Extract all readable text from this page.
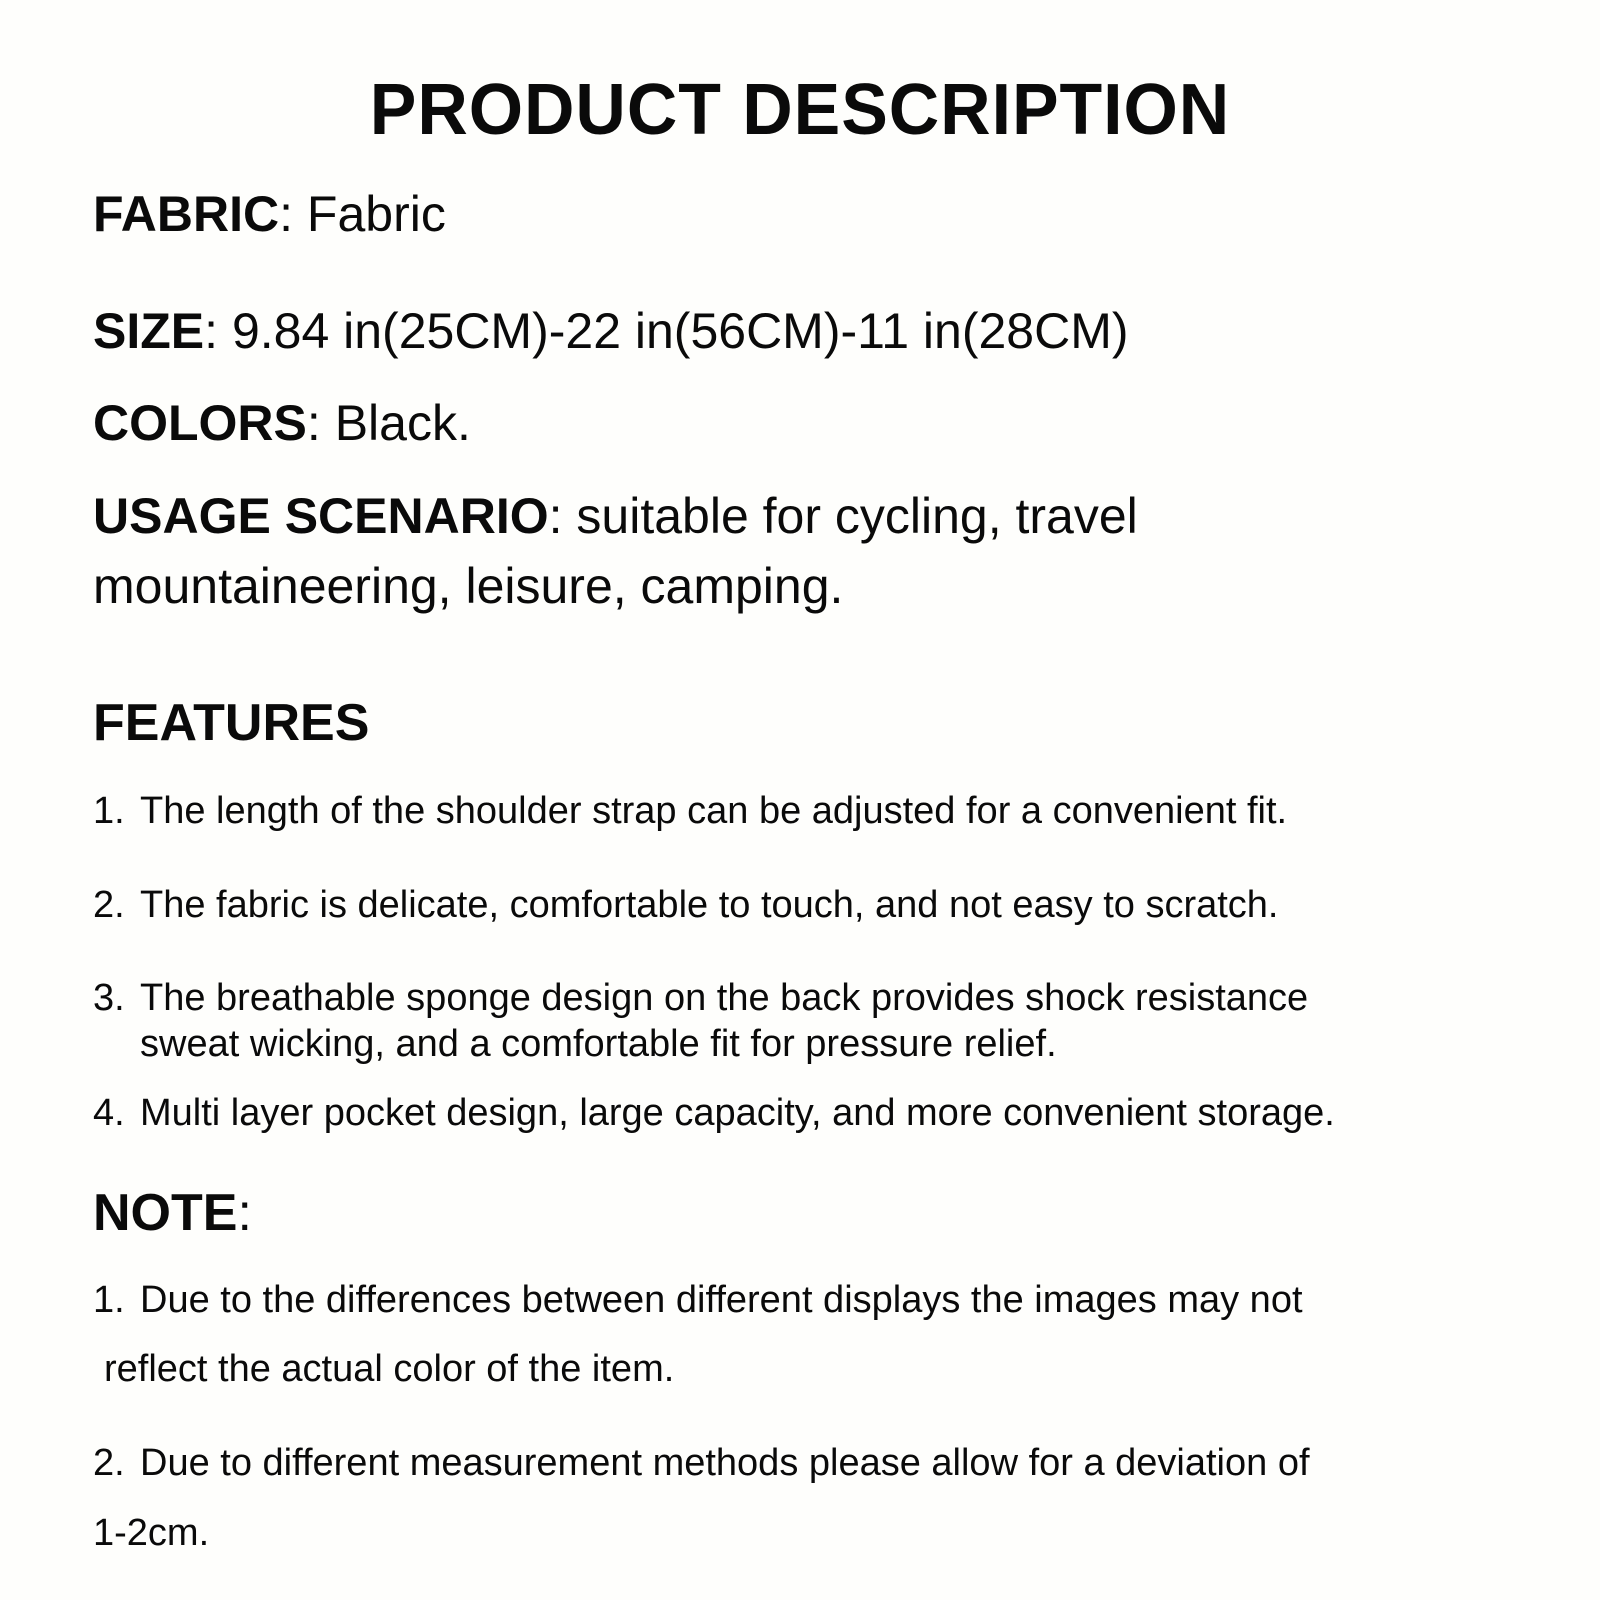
PRODUCT DESCRIPTION
FABRIC: Fabric
SIZE: 9.84 in(25CM)-22 in(56CM)-11 in(28CM)
COLORS: Black.
USAGE SCENARIO: suitable for cycling, travel
mountaineering, leisure, camping.
FEATURES
1. The length of the shoulder strap can be adjusted for a convenient fit.
2. The fabric is delicate, comfortable to touch, and not easy to scratch.
3. The breathable sponge design on the back provides shock resistance
sweat wicking, and a comfortable fit for pressure relief.
4. Multi layer pocket design, large capacity, and more convenient storage.
NOTE:
1. Due to the differences between different displays the images may not
reflect the actual color of the item.
2. Due to different measurement methods please allow for a deviation of
1-2cm.
